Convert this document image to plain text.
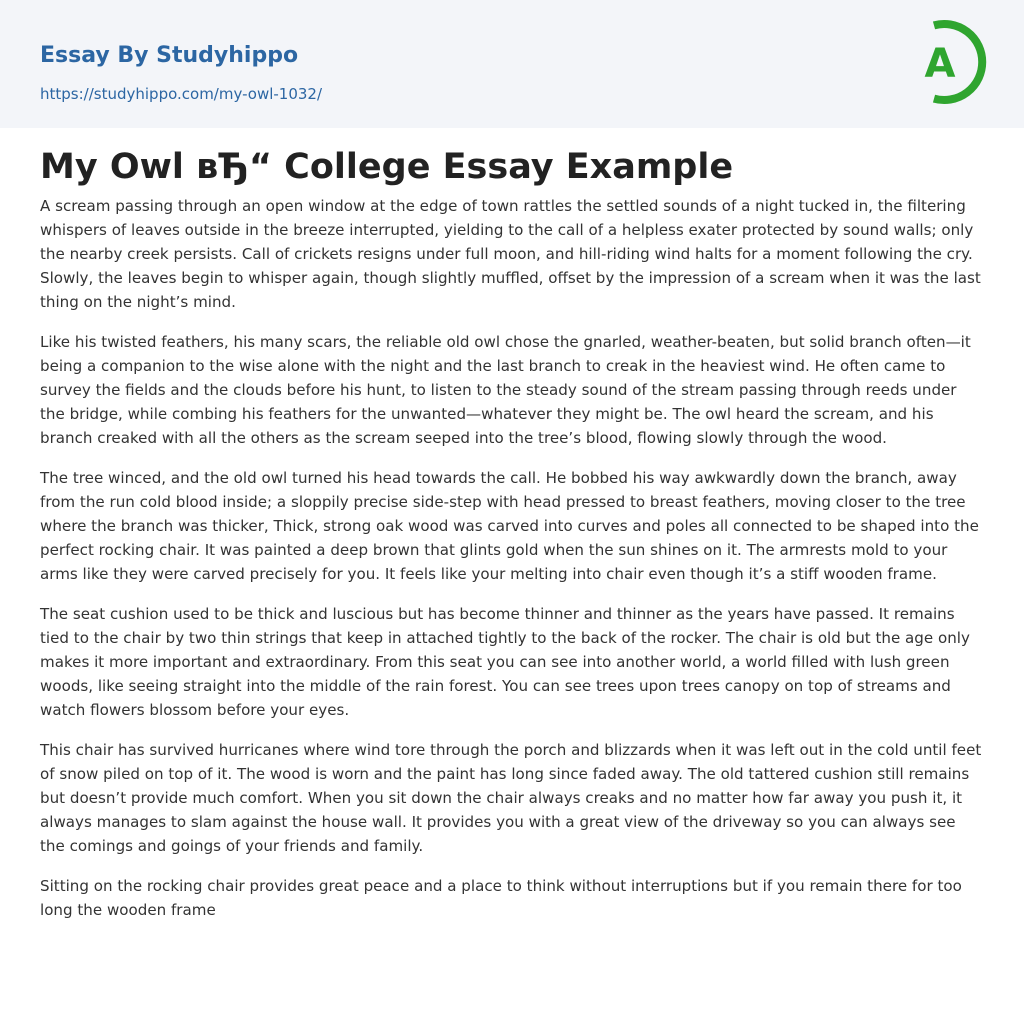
Essay By Studyhippo
https://studyhippo.com/my-owl-1032/
A
My Owl вЂ“ College Essay Example

A scream passing through an open window at the edge of town rattles the settled sounds of a night tucked in, the filtering whispers of leaves outside in the breeze interrupted, yielding to the call of a helpless exater protected by sound walls; only the nearby creek persists. Call of crickets resigns under full moon, and hill-riding wind halts for a moment following the cry. Slowly, the leaves begin to whisper again, though slightly muffled, offset by the impression of a scream when it was the last thing on the night’s mind.

Like his twisted feathers, his many scars, the reliable old owl chose the gnarled, weather-beaten, but solid branch often—it being a companion to the wise alone with the night and the last branch to creak in the heaviest wind. He often came to survey the fields and the clouds before his hunt, to listen to the steady sound of the stream passing through reeds under the bridge, while combing his feathers for the unwanted—whatever they might be. The owl heard the scream, and his branch creaked with all the others as the scream seeped into the tree’s blood, flowing slowly through the wood.

The tree winced, and the old owl turned his head towards the call. He bobbed his way awkwardly down the branch, away from the run cold blood inside; a sloppily precise side-step with head pressed to breast feathers, moving closer to the tree where the branch was thicker, Thick, strong oak wood was carved into curves and poles all connected to be shaped into the perfect rocking chair. It was painted a deep brown that glints gold when the sun shines on it. The armrests mold to your arms like they were carved precisely for you. It feels like your melting into chair even though it’s a stiff wooden frame.

The seat cushion used to be thick and luscious but has become thinner and thinner as the years have passed. It remains tied to the chair by two thin strings that keep in attached tightly to the back of the rocker. The chair is old but the age only makes it more important and extraordinary. From this seat you can see into another world, a world filled with lush green woods, like seeing straight into the middle of the rain forest. You can see trees upon trees canopy on top of streams and watch flowers blossom before your eyes.

This chair has survived hurricanes where wind tore through the porch and blizzards when it was left out in the cold until feet of snow piled on top of it. The wood is worn and the paint has long since faded away. The old tattered cushion still remains but doesn’t provide much comfort. When you sit down the chair always creaks and no matter how far away you push it, it always manages to slam against the house wall. It provides you with a great view of the driveway so you can always see the comings and goings of your friends and family.

Sitting on the rocking chair provides great peace and a place to think without interruptions but if you remain there for too long the wooden frame
